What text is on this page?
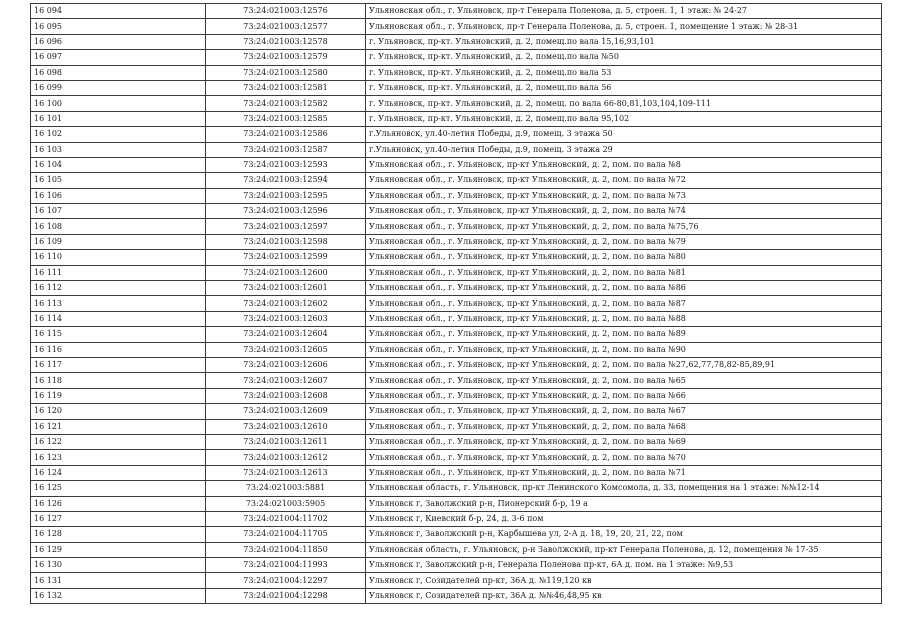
16 094	73:24:021003:12576	Ульяновская обл., г. Ульяновск, пр-т Генерала Поленова, д. 5, строен. 1, 1 этаж: № 24-27
16 095	73:24:021003:12577	Ульяновская обл., г. Ульяновск, пр-т Генерала Поленова, д. 5, строен. 1, помещение 1 этаж: № 28-31
16 096	73:24:021003:12578	г. Ульяновск, пр-кт. Ульяновский, д. 2, помещ.по вала 15,16,93,101
16 097	73:24:021003:12579	г. Ульяновск, пр-кт. Ульяновский, д. 2, помещ.по вала №50
16 098	73:24:021003:12580	г. Ульяновск, пр-кт. Ульяновский, д. 2, помещ.по вала 53
16 099	73:24:021003:12581	г. Ульяновск, пр-кт. Ульяновский, д. 2, помещ.по вала 56
16 100	73:24:021003:12582	г. Ульяновск, пр-кт. Ульяновский, д. 2, помещ. по вала 66-80,81,103,104,109-111
16 101	73:24:021003:12585	г. Ульяновск, пр-кт. Ульяновский, д. 2, помещ.по вала 95,102
16 102	73:24:021003:12586	г.Ульяновск, ул.40-летия Победы, д.9, помещ. 3 этажа 50
16 103	73:24:021003:12587	г.Ульяновск, ул.40-летия Победы, д.9, помещ. 3 этажа 29
16 104	73:24:021003:12593	Ульяновская обл., г. Ульяновск, пр-кт Ульяновский, д. 2, пом. по вала №8
16 105	73:24:021003:12594	Ульяновская обл., г. Ульяновск, пр-кт Ульяновский, д. 2, пом. по вала №72
16 106	73:24:021003:12595	Ульяновская обл., г. Ульяновск, пр-кт Ульяновский, д. 2, пом. по вала №73
16 107	73:24:021003:12596	Ульяновская обл., г. Ульяновск, пр-кт Ульяновский, д. 2, пом. по вала №74
16 108	73:24:021003:12597	Ульяновская обл., г. Ульяновск, пр-кт Ульяновский, д. 2, пом. по вала №75,76
16 109	73:24:021003:12598	Ульяновская обл., г. Ульяновск, пр-кт Ульяновский, д. 2, пом. по вала №79
16 110	73:24:021003:12599	Ульяновская обл., г. Ульяновск, пр-кт Ульяновский, д. 2, пом. по вала №80
16 111	73:24:021003:12600	Ульяновская обл., г. Ульяновск, пр-кт Ульяновский, д. 2, пом. по вала №81
16 112	73:24:021003:12601	Ульяновская обл., г. Ульяновск, пр-кт Ульяновский, д. 2, пом. по вала №86
16 113	73:24:021003:12602	Ульяновская обл., г. Ульяновск, пр-кт Ульяновский, д. 2, пом. по вала №87
16 114	73:24:021003:12603	Ульяновская обл., г. Ульяновск, пр-кт Ульяновский, д. 2, пом. по вала №88
16 115	73:24:021003:12604	Ульяновская обл., г. Ульяновск, пр-кт Ульяновский, д. 2, пом. по вала №89
16 116	73:24:021003:12605	Ульяновская обл., г. Ульяновск, пр-кт Ульяновский, д. 2, пом. по вала №90
16 117	73:24:021003:12606	Ульяновская обл., г. Ульяновск, пр-кт Ульяновский, д. 2, пом. по вала №27,62,77,78,82-85,89,91
16 118	73:24:021003:12607	Ульяновская обл., г. Ульяновск, пр-кт Ульяновский, д. 2, пом. по вала №65
16 119	73:24:021003:12608	Ульяновская обл., г. Ульяновск, пр-кт Ульяновский, д. 2, пом. по вала №66
16 120	73:24:021003:12609	Ульяновская обл., г. Ульяновск, пр-кт Ульяновский, д. 2, пом. по вала №67
16 121	73:24:021003:12610	Ульяновская обл., г. Ульяновск, пр-кт Ульяновский, д. 2, пом. по вала №68
16 122	73:24:021003:12611	Ульяновская обл., г. Ульяновск, пр-кт Ульяновский, д. 2, пом. по вала №69
16 123	73:24:021003:12612	Ульяновская обл., г. Ульяновск, пр-кт Ульяновский, д. 2, пом. по вала №70
16 124	73:24:021003:12613	Ульяновская обл., г. Ульяновск, пр-кт Ульяновский, д. 2, пом. по вала №71
16 125	73:24:021003:5881	Ульяновская область, г. Ульяновск, пр-кт Ленинского Комсомола, д. 33, помещения на 1 этаже: №№12-14
16 126	73:24:021003:5905	Ульяновск г, Заволжский р-н, Пионерский б-р, 19 а
16 127	73:24:021004:11702	Ульяновск г, Киевский б-р, 24, д. 3-6 пом
16 128	73:24:021004:11705	Ульяновск г, Заволжский р-н, Карбышева ул, 2-А д. 18, 19, 20, 21, 22, пом
16 129	73:24:021004:11850	Ульяновская область, г. Ульяновск, р-н Заволжский, пр-кт Генерала Поленова, д. 12, помещения № 17-35
16 130	73:24:021004:11993	Ульяновск г, Заволжский р-н, Генерала Поленова пр-кт, 6А д. пом. на 1 этаже: №9,53
16 131	73:24:021004:12297	Ульяновск г, Созидателей пр-кт, 36А д. №119,120 кв
16 132	73:24:021004:12298	Ульяновск г, Созидателей пр-кт, 36А д. №№46,48,95 кв
